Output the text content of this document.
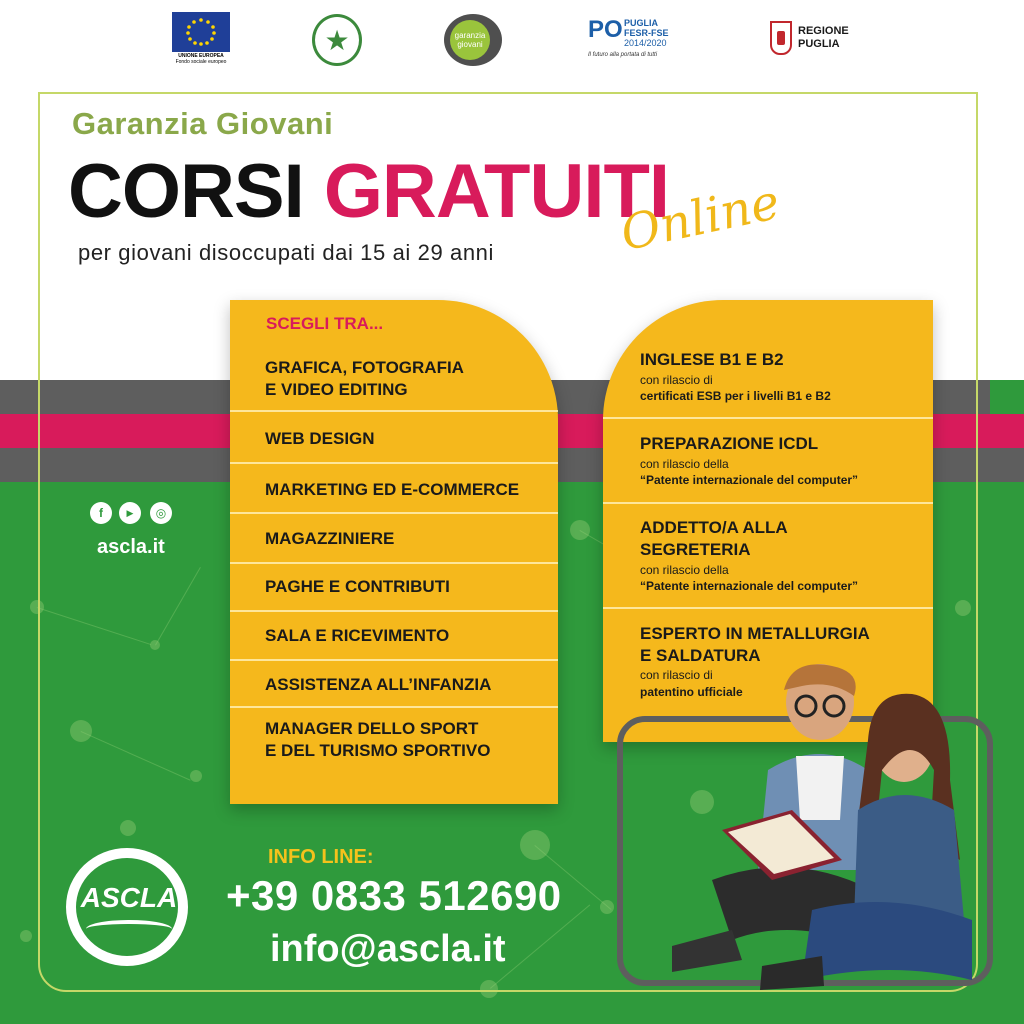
UNIONE EUROPEA
Fondo sociale europeo
★	garanzia giovani
PO PUGLIA
FESR-FSE
2014/2020
Il futuro alla portata di tutti
REGIONE
PUGLIA
Garanzia Giovani
CORSI GRATUITI
Online
per giovani disoccupati dai 15 ai 29 anni
SCEGLI TRA...
GRAFICA, FOTOGRAFIA
E VIDEO EDITING
WEB DESIGN
MARKETING ED E-COMMERCE
MAGAZZINIERE
PAGHE E CONTRIBUTI
SALA E RICEVIMENTO
ASSISTENZA ALL’INFANZIA
MANAGER DELLO SPORT
E DEL TURISMO SPORTIVO
INGLESE B1 E B2
con rilascio di
certificati ESB per i livelli B1 e B2
PREPARAZIONE ICDL
con rilascio della
“Patente internazionale del computer”
ADDETTO/A ALLA
SEGRETERIA
con rilascio della
“Patente internazionale del computer”
ESPERTO IN METALLURGIA
E SALDATURA
con rilascio di
patentino ufficiale
f	▶	◎
ascla.it
ASCLA
INFO LINE:
+39 0833 512690
info@ascla.it
